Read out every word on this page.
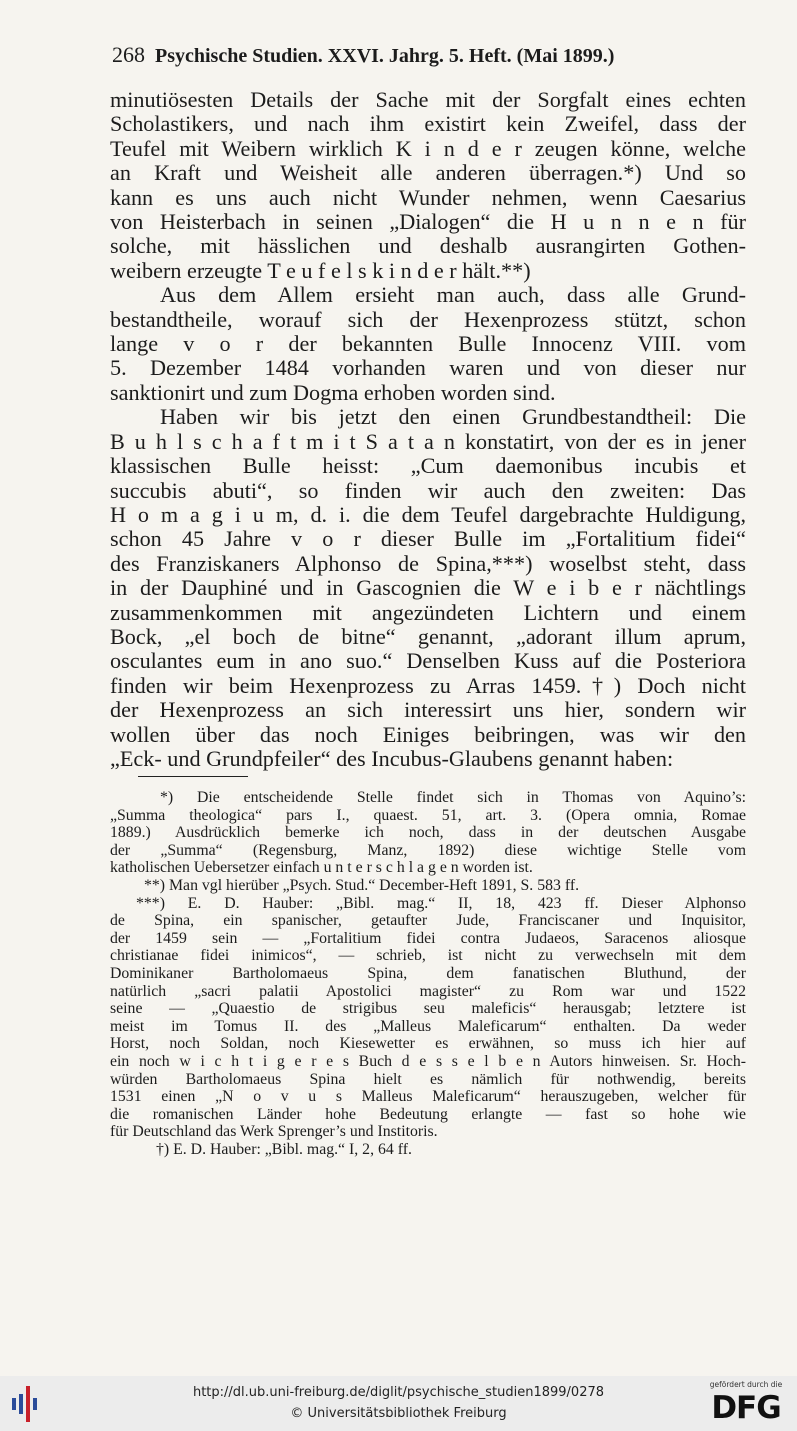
268 Psychische Studien. XXVI. Jahrg. 5. Heft. (Mai 1899.)
minutiösesten Details der Sache mit der Sorgfalt eines echten
Scholastikers, und nach ihm existirt kein Zweifel, dass der
Teufel mit Weibern wirklich K i n d e r zeugen könne, welche
an Kraft und Weisheit alle anderen überragen.*) Und so
kann es uns auch nicht Wunder nehmen, wenn Caesarius
von Heisterbach in seinen „Dialogen“ die H u n n e n für
solche, mit hässlichen und deshalb ausrangirten Gothen-
weibern erzeugte T e u f e l s k i n d e r hält.**)
Aus dem Allem ersieht man auch, dass alle Grund-
bestandtheile, worauf sich der Hexenprozess stützt, schon
lange v o r der bekannten Bulle Innocenz VIII. vom
5. Dezember 1484 vorhanden waren und von dieser nur
sanktionirt und zum Dogma erhoben worden sind.
Haben wir bis jetzt den einen Grundbestandtheil: Die
B u h l s c h a f t m i t S a t a n konstatirt, von der es in jener
klassischen Bulle heisst: „Cum daemonibus incubis et
succubis abuti“, so finden wir auch den zweiten: Das
H o m a g i u m, d. i. die dem Teufel dargebrachte Huldigung,
schon 45 Jahre v o r dieser Bulle im „Fortalitium fidei“
des Franziskaners Alphonso de Spina,***) woselbst steht, dass
in der Dauphiné und in Gascognien die W e i b e r nächtlings
zusammenkommen mit angezündeten Lichtern und einem
Bock, „el boch de bitne“ genannt, „adorant illum aprum,
osculantes eum in ano suo.“ Denselben Kuss auf die Posteriora
finden wir beim Hexenprozess zu Arras 1459.†) Doch nicht
der Hexenprozess an sich interessirt uns hier, sondern wir
wollen über das noch Einiges beibringen, was wir den
„Eck- und Grundpfeiler“ des Incubus-Glaubens genannt haben:
*) Die entscheidende Stelle findet sich in Thomas von Aquino’s:
„Summa theologica“ pars I., quaest. 51, art. 3. (Opera omnia, Romae
1889.) Ausdrücklich bemerke ich noch, dass in der deutschen Ausgabe
der „Summa“ (Regensburg, Manz, 1892) diese wichtige Stelle vom
katholischen Uebersetzer einfach u n t e r s c h l a g e n worden ist.
**) Man vgl hierüber „Psych. Stud.“ December-Heft 1891, S. 583 ff.
***) E. D. Hauber: „Bibl. mag.“ II, 18, 423 ff. Dieser Alphonso
de Spina, ein spanischer, getaufter Jude, Franciscaner und Inquisitor,
der 1459 sein — „Fortalitium fidei contra Judaeos, Saracenos aliosque
christianae fidei inimicos“, — schrieb, ist nicht zu verwechseln mit dem
Dominikaner Bartholomaeus Spina, dem fanatischen Bluthund, der
natürlich „sacri palatii Apostolici magister“ zu Rom war und 1522
seine — „Quaestio de strigibus seu maleficis“ herausgab; letztere ist
meist im Tomus II. des „Malleus Maleficarum“ enthalten. Da weder
Horst, noch Soldan, noch Kiesewetter es erwähnen, so muss ich hier auf
ein noch w i c h t i g e r e s Buch d e s s e l b e n Autors hinweisen. Sr. Hoch-
würden Bartholomaeus Spina hielt es nämlich für nothwendig, bereits
1531 einen „N o v u s Malleus Maleficarum“ herauszugeben, welcher für
die romanischen Länder hohe Bedeutung erlangte — fast so hohe wie
für Deutschland das Werk Sprenger’s und Institoris.
†) E. D. Hauber: „Bibl. mag.“ I, 2, 64 ff.
http://dl.ub.uni-freiburg.de/diglit/psychische_studien1899/0278
© Universitätsbibliothek Freiburg
gefördert durch die
DFG
